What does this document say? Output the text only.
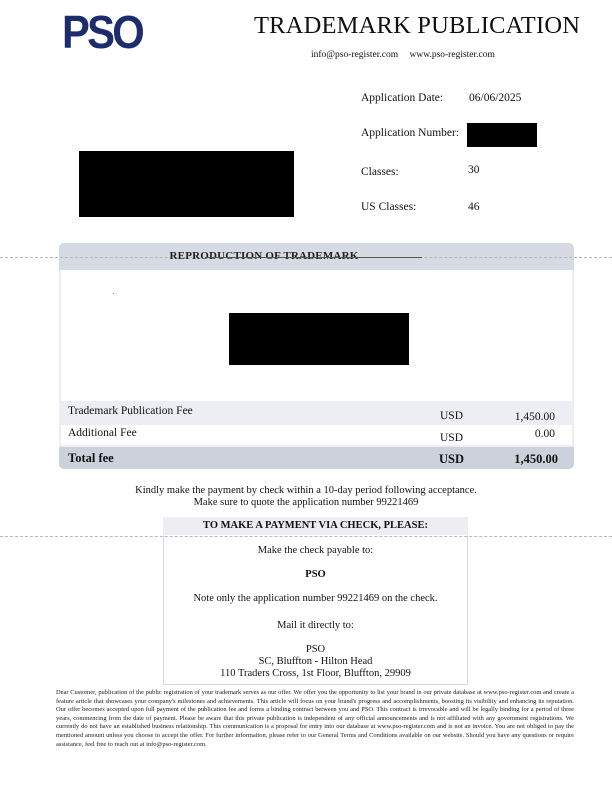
PSO	TRADEMARK PUBLICATION
info@pso-register.com www.pso-register.com
Application Date: 06/06/2025
Application Number:
Classes:	30
US Classes:	46
REPRODUCTION OF TRADEMARK
Trademark Publication Fee	USD	1,450.00
Additional Fee	USD	0.00
Total fee	USD	1,450.00
Kindly make the payment by check within a 10-day period following acceptance.
Make sure to quote the application number 99221469
TO MAKE A PAYMENT VIA CHECK, PLEASE:
Make the check payable to:
PSO
Note only the application number 99221469 on the check.
Mail it directly to:
PSO
SC, Bluffton - Hilton Head
110 Traders Cross, 1st Floor, Bluffton, 29909
Dear Customer, publication of the public registration of your trademark serves as our offer. We offer you the opportunity to list your brand in our private database at www.pso-register.com and create a feature article that showcases your company's milestones and achievements. This article will focus on your brand's progress and accomplishments, boosting its visibility and enhancing its reputation. Our offer becomes accepted upon full payment of the publication fee and forms a binding contract between you and PSO. This contract is irrevocable and will be legally binding for a period of three years, commencing from the date of payment. Please be aware that this private publication is independent of any official announcements and is not affiliated with any government registrations. We currently do not have an established business relationship. This communication is a proposal for entry into our database at www.pso-register.com and is not an invoice. You are not obliged to pay the mentioned amount unless you choose to accept the offer. For further information, please refer to our General Terms and Conditions available on our website. Should you have any questions or require assistance, feel free to reach out at info@pso-register.com.
